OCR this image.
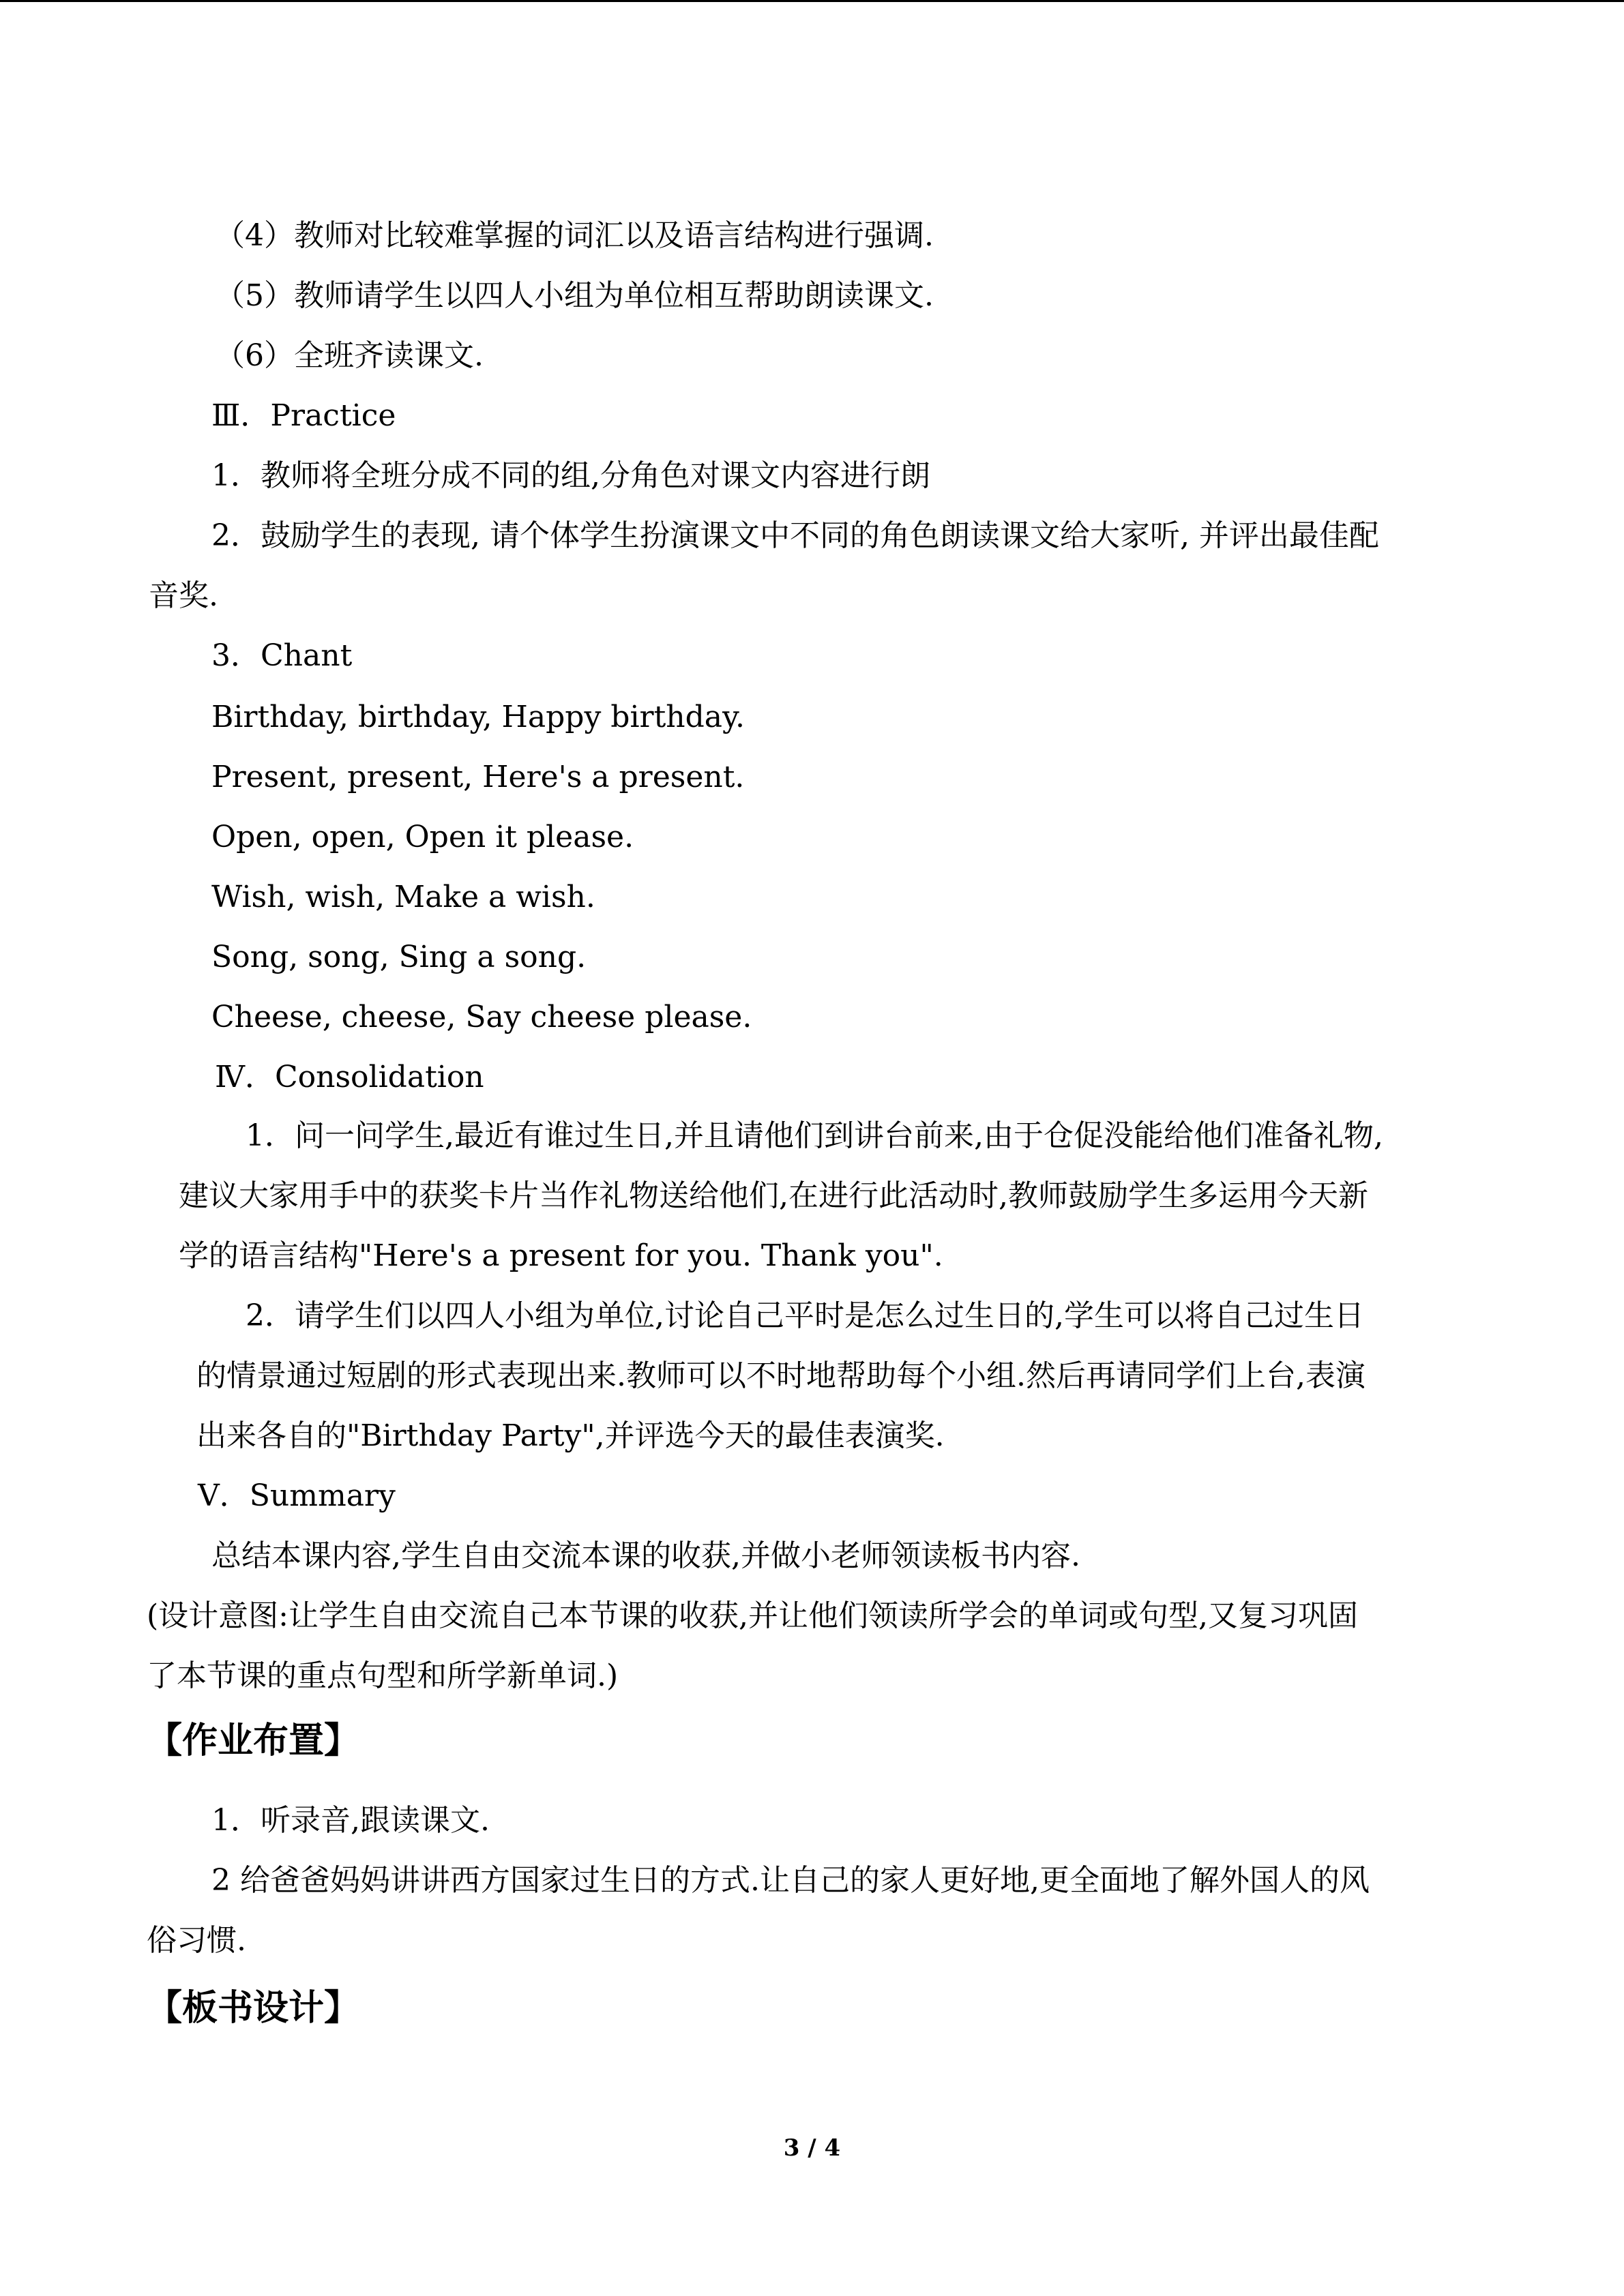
（4）教师对比较难掌握的词汇以及语言结构进行强调.
（5）教师请学生以四人小组为单位相互帮助朗读课文.
（6）全班齐读课文.
Ⅲ．Practice
1．教师将全班分成不同的组,分角色对课文内容进行朗
2．鼓励学生的表现, 请个体学生扮演课文中不同的角色朗读课文给大家听, 并评出最佳配
音奖.
3．Chant
Birthday, birthday, Happy birthday.
Present, present, Here's a present.
Open, open, Open it please.
Wish, wish, Make a wish.
Song, song, Sing a song.
Cheese, cheese, Say cheese please.
Ⅳ．Consolidation
1．问一问学生,最近有谁过生日,并且请他们到讲台前来,由于仓促没能给他们准备礼物,
建议大家用手中的获奖卡片当作礼物送给他们,在进行此活动时,教师鼓励学生多运用今天新
学的语言结构"Here's a present for you. Thank you".
2．请学生们以四人小组为单位,讨论自己平时是怎么过生日的,学生可以将自己过生日
的情景通过短剧的形式表现出来.教师可以不时地帮助每个小组.然后再请同学们上台,表演
出来各自的"Birthday Party",并评选今天的最佳表演奖.
Ⅴ．Summary
总结本课内容,学生自由交流本课的收获,并做小老师领读板书内容.
(设计意图:让学生自由交流自己本节课的收获,并让他们领读所学会的单词或句型,又复习巩固
了本节课的重点句型和所学新单词.)
【作业布置】
1．听录音,跟读课文.
2 给爸爸妈妈讲讲西方国家过生日的方式.让自己的家人更好地,更全面地了解外国人的风
俗习惯.
【板书设计】
3 / 4
